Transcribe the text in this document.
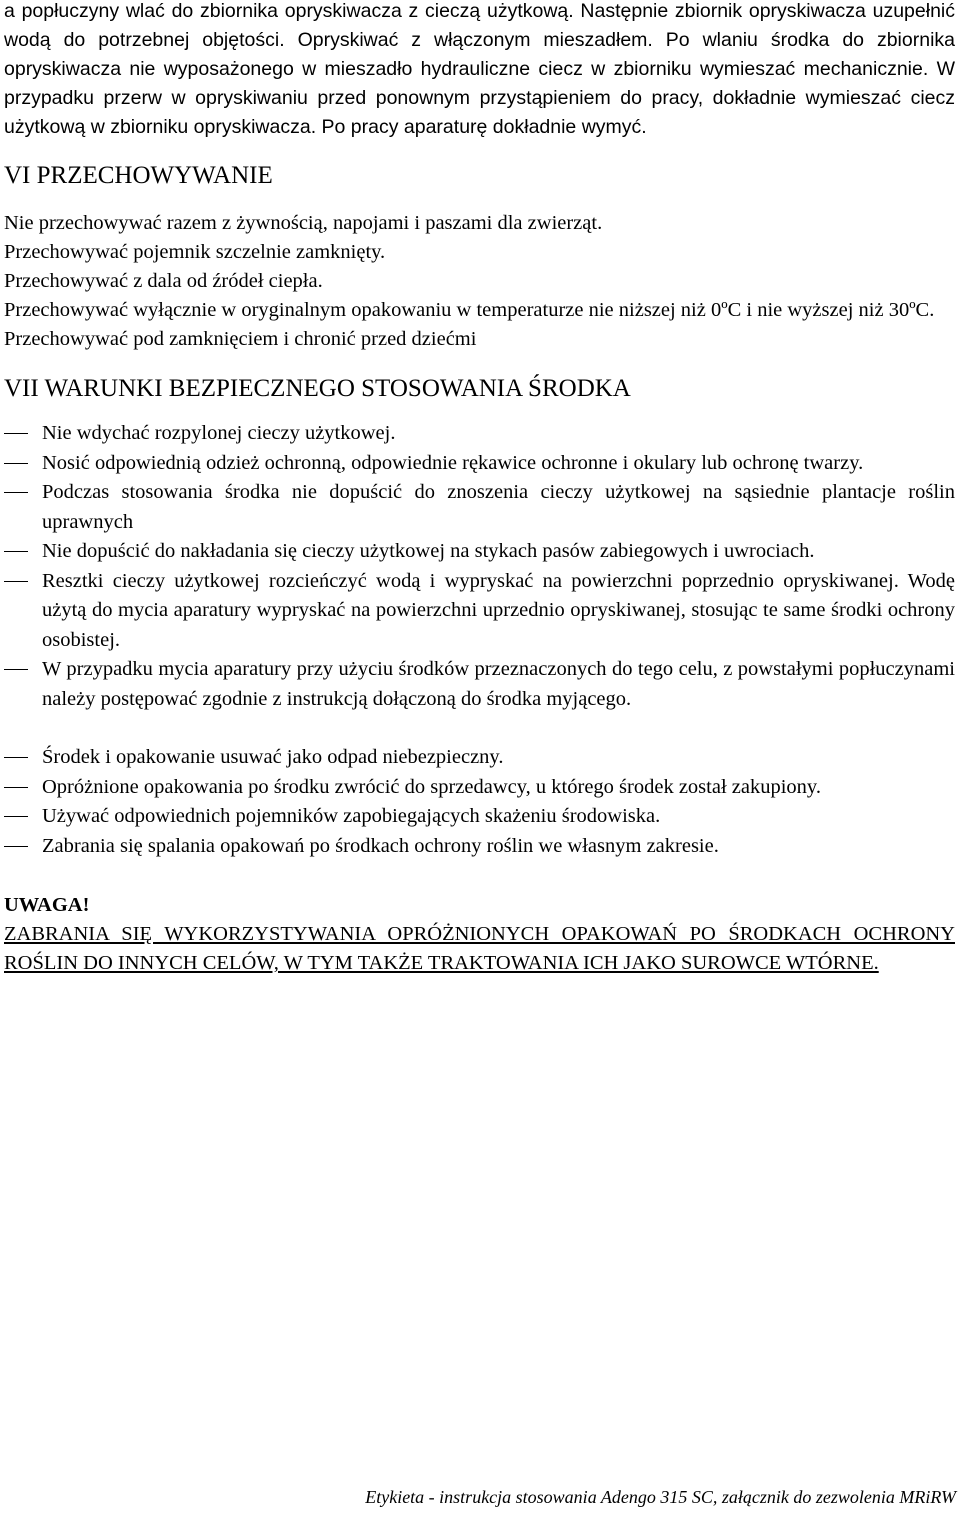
a popłuczyny wlać do zbiornika opryskiwacza z cieczą użytkową. Następnie zbiornik opryskiwacza uzupełnić wodą do potrzebnej objętości. Opryskiwać z włączonym mieszadłem. Po wlaniu środka do zbiornika opryskiwacza nie wyposażonego w mieszadło hydrauliczne ciecz w zbiorniku wymieszać mechanicznie. W przypadku przerw w opryskiwaniu przed ponownym przystąpieniem do pracy, dokładnie wymieszać ciecz użytkową w zbiorniku opryskiwacza. Po pracy aparaturę dokładnie wymyć.

VI PRZECHOWYWANIE

Nie przechowywać razem z żywnością, napojami i paszami dla zwierząt.

Przechowywać pojemnik szczelnie zamknięty.

Przechowywać z dala od źródeł ciepła.

Przechowywać wyłącznie w oryginalnym opakowaniu w temperaturze nie niższej niż 0ºC i nie wyższej niż 30ºC.

Przechowywać pod zamknięciem i chronić przed dziećmi

VII WARUNKI BEZPIECZNEGO STOSOWANIA ŚRODKA
Nie wdychać rozpylonej cieczy użytkowej.
Nosić odpowiednią odzież ochronną, odpowiednie rękawice ochronne i okulary lub ochronę twarzy.
Podczas stosowania środka nie dopuścić do znoszenia cieczy użytkowej na sąsiednie plantacje roślin uprawnych
Nie dopuścić do nakładania się cieczy użytkowej na stykach pasów zabiegowych i uwrociach.
Resztki cieczy użytkowej rozcieńczyć wodą i wypryskać na powierzchni poprzednio opryskiwanej. Wodę użytą do mycia aparatury wypryskać na powierzchni uprzednio opryskiwanej, stosując te same środki ochrony osobistej.
W przypadku mycia aparatury przy użyciu środków przeznaczonych do tego celu, z powstałymi popłuczynami należy postępować zgodnie z instrukcją dołączoną do środka myjącego.
Środek i opakowanie usuwać jako odpad niebezpieczny.
Opróżnione opakowania po środku zwrócić do sprzedawcy, u którego środek został zakupiony.
Używać odpowiednich pojemników zapobiegających skażeniu środowiska.
Zabrania się spalania opakowań po środkach ochrony roślin we własnym zakresie.
UWAGA!

ZABRANIA SIĘ WYKORZYSTYWANIA OPRÓŻNIONYCH OPAKOWAŃ PO ŚRODKACH OCHRONY ROŚLIN DO INNYCH CELÓW, W TYM TAKŻE TRAKTOWANIA ICH JAKO SUROWCE WTÓRNE.

Etykieta - instrukcja stosowania Adengo 315 SC, załącznik do zezwolenia MRiRW
